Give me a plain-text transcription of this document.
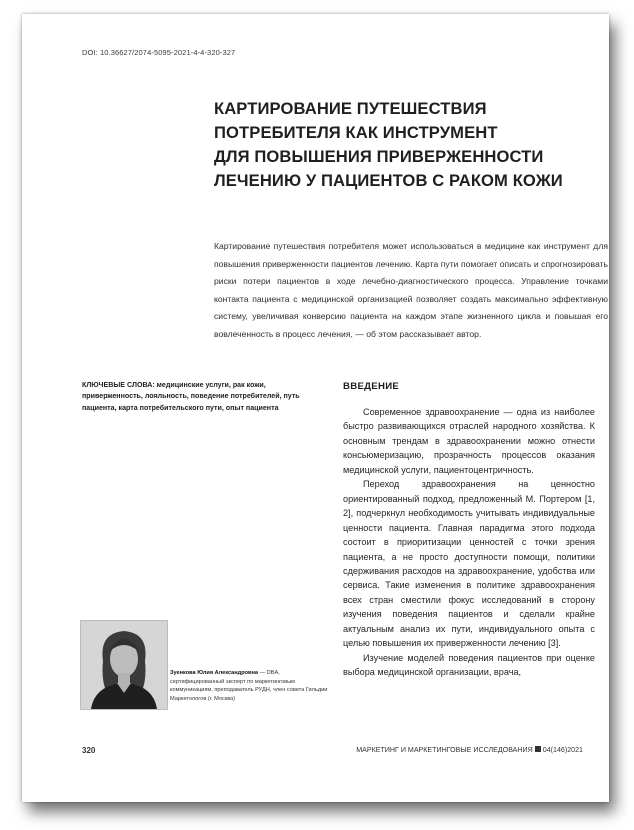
DOI: 10.36627/2074-5095-2021-4-4-320-327
КАРТИРОВАНИЕ ПУТЕШЕСТВИЯ
ПОТРЕБИТЕЛЯ КАК ИНСТРУМЕНТ
ДЛЯ ПОВЫШЕНИЯ ПРИВЕРЖЕННОСТИ
ЛЕЧЕНИЮ У ПАЦИЕНТОВ С РАКОМ КОЖИ

Картирование путешествия потребителя может использоваться в медицине как инструмент для повышения приверженности пациентов лечению. Карта пути помогает описать и спрогнозировать риски потери пациентов в ходе лечебно-диагностического процесса. Управление точками контакта пациента с медицинской организацией позволяет создать максимально эффективную систему, увеличивая конверсию пациента на каждом этапе жизненного цикла и повышая его вовлеченность в процесс лечения, — об этом рассказывает автор.

КЛЮЧЕВЫЕ СЛОВА: медицинские услуги, рак кожи, приверженность, лояльность, поведение потребителей, путь пациента, карта потребительского пути, опыт пациента

ВВЕДЕНИЕ

Современное здравоохранение — одна из наиболее быстро развивающихся отраслей народного хозяйства. К основным трендам в здравоохранении можно отнести консьюмеризацию, прозрачность процессов оказания медицинской услуги, пациентоцентричность.

Переход здравоохранения на ценностно ориентированный подход, предложенный М. Портером [1, 2], подчеркнул необходимость учитывать индивидуальные ценности пациента. Главная парадигма этого подхода состоит в приоритизации ценностей с точки зрения пациента, а не просто доступности помощи, политики сдерживания расходов на здравоохранение, удобства или сервиса. Такие изменения в политике здравоохранения всех стран сместили фокус исследований в сторону изучения поведения пациентов и сделали крайне актуальным анализ их пути, индивидуального опыта с целью повышения их приверженности лечению [3].

Изучение моделей поведения пациентов при оценке выбора медицинской организации, врача,

Зуенкова Юлия Александровна — DBA, сертифицированный эксперт по маркетинговым коммуникациям, преподаватель РУДН, член совета Гильдии Маркетологов (г. Москва)
320	МАРКЕТИНГ И МАРКЕТИНГОВЫЕ ИССЛЕДОВАНИЯ 04(146)2021
